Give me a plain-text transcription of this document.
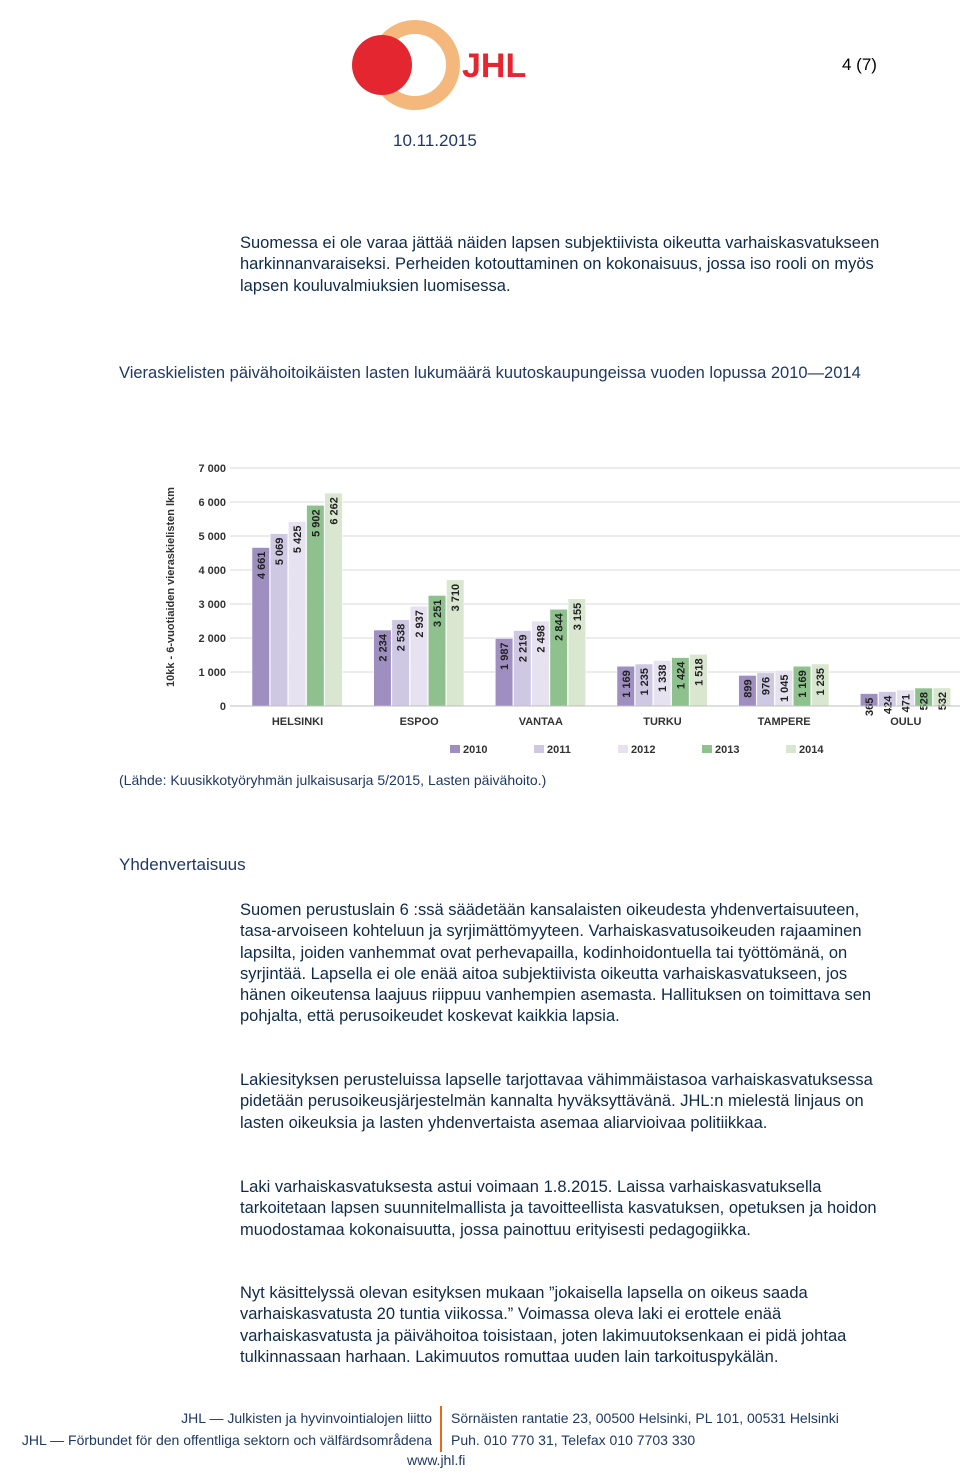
JHL	4 (7)
10.11.2015

Suomessa ei ole varaa jättää näiden lapsen subjektiivista oikeutta varhaiskasvatukseen harkinnanvaraiseksi. Perheiden kotouttaminen on kokonaisuus, jossa iso rooli on myös lapsen kouluvalmiuksien luomisessa.

Vieraskielisten päivähoitoikäisten lasten lukumäärä kuutoskaupungeissa vuoden lopussa 2010—2014
0
1 000
2 000
3 000
4 000
5 000
6 000
7 000
10kk - 6-vuotiaiden vieraskielisten lkm	4 661
5 069 5 425
5 902 6 262
HELSINKI
2 234 2 538 2 937 3 251
3 710
ESPOO
1 987 2 219 2 498 2 844 3 155
VANTAA
1 169 1 235 1 338 1 424 1 518
TURKU
899 976 1 045 1 169 1 235
TAMPERE
365 424 471 528 532
OULU
2010	2011	2012	2013	2014
(Lähde: Kuusikkotyöryhmän julkaisusarja 5/2015, Lasten päivähoito.)
Yhdenvertaisuus

Suomen perustuslain 6 :ssä säädetään kansalaisten oikeudesta yhdenvertaisuuteen, tasa-arvoiseen kohteluun ja syrjimättömyyteen. Varhaiskasvatusoikeuden rajaaminen lapsilta, joiden vanhemmat ovat perhevapailla, kodinhoidontuella tai työttömänä, on syrjintää. Lapsella ei ole enää aitoa subjektiivista oikeutta varhaiskasvatukseen, jos hänen oikeutensa laajuus riippuu vanhempien asemasta. Hallituksen on toimittava sen pohjalta, että perusoikeudet koskevat kaikkia lapsia.

Lakiesityksen perusteluissa lapselle tarjottavaa vähimmäistasoa varhaiskasvatuksessa pidetään perusoikeusjärjestelmän kannalta hyväksyttävänä. JHL:n mielestä linjaus on lasten oikeuksia ja lasten yhdenvertaista asemaa aliarvioivaa politiikkaa.

Laki varhaiskasvatuksesta astui voimaan 1.8.2015. Laissa varhaiskasvatuksella tarkoitetaan lapsen suunnitelmallista ja tavoitteellista kasvatuksen, opetuksen ja hoidon muodostamaa kokonaisuutta, jossa painottuu erityisesti pedagogiikka.

Nyt käsittelyssä olevan esityksen mukaan ”jokaisella lapsella on oikeus saada varhaiskasvatusta 20 tuntia viikossa.” Voimassa oleva laki ei erottele enää varhaiskasvatusta ja päivähoitoa toisistaan, joten lakimuutoksenkaan ei pidä johtaa tulkinnassaan harhaan. Lakimuutos romuttaa uuden lain tarkoituspykälän.

JHL — Julkisten ja hyvinvointialojen liitto
JHL — Förbundet för den offentliga sektorn och välfärdsområdena
Sörnäisten rantatie 23, 00500 Helsinki, PL 101, 00531 Helsinki
Puh. 010 770 31, Telefax 010 7703 330
www.jhl.fi
